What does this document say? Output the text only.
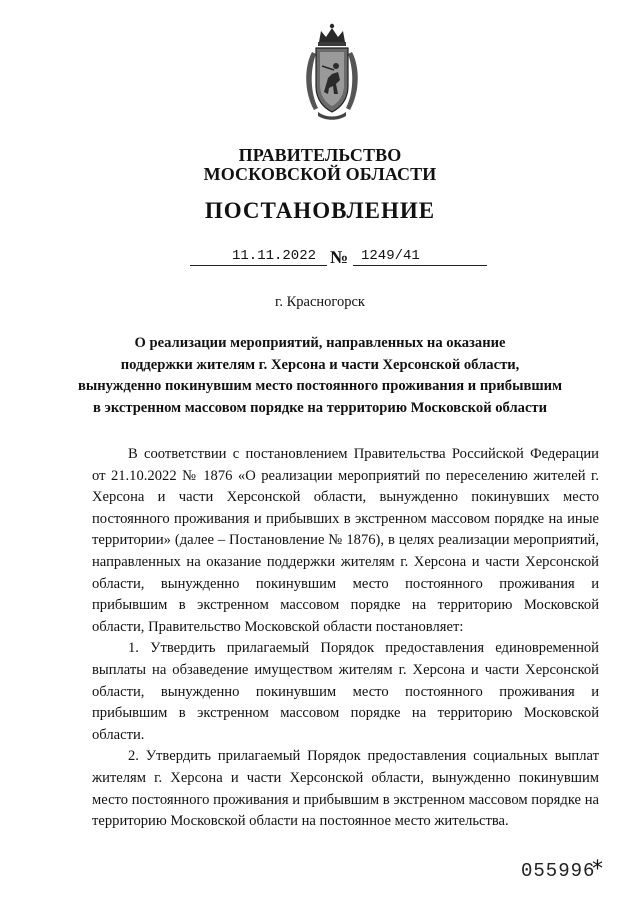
ПРАВИТЕЛЬСТВО
МОСКОВСКОЙ ОБЛАСТИ
ПОСТАНОВЛЕНИЕ
11.11.2022 № 1249/41
г. Красногорск
О реализации мероприятий, направленных на оказание
поддержки жителям г. Херсона и части Херсонской области,
вынужденно покинувшим место постоянного проживания и прибывшим
в экстренном массовом порядке на территорию Московской области

В соответствии с постановлением Правительства Российской Федерации от 21.10.2022 № 1876 «О реализации мероприятий по переселению жителей г. Херсона и части Херсонской области, вынужденно покинувших место постоянного проживания и прибывших в экстренном массовом порядке на иные территории» (далее – Постановление № 1876), в целях реализации мероприятий, направленных на оказание поддержки жителям г. Херсона и части Херсонской области, вынужденно покинувшим место постоянного проживания и прибывшим в экстренном массовом порядке на территорию Московской области, Правительство Московской области постановляет:

1. Утвердить прилагаемый Порядок предоставления единовременной выплаты на обзаведение имуществом жителям г. Херсона и части Херсонской области, вынужденно покинувшим место постоянного проживания и прибывшим в экстренном массовом порядке на территорию Московской области.

2. Утвердить прилагаемый Порядок предоставления социальных выплат жителям г. Херсона и части Херсонской области, вынужденно покинувшим место постоянного проживания и прибывшим в экстренном массовом порядке на территорию Московской области на постоянное место жительства.

055996
*
